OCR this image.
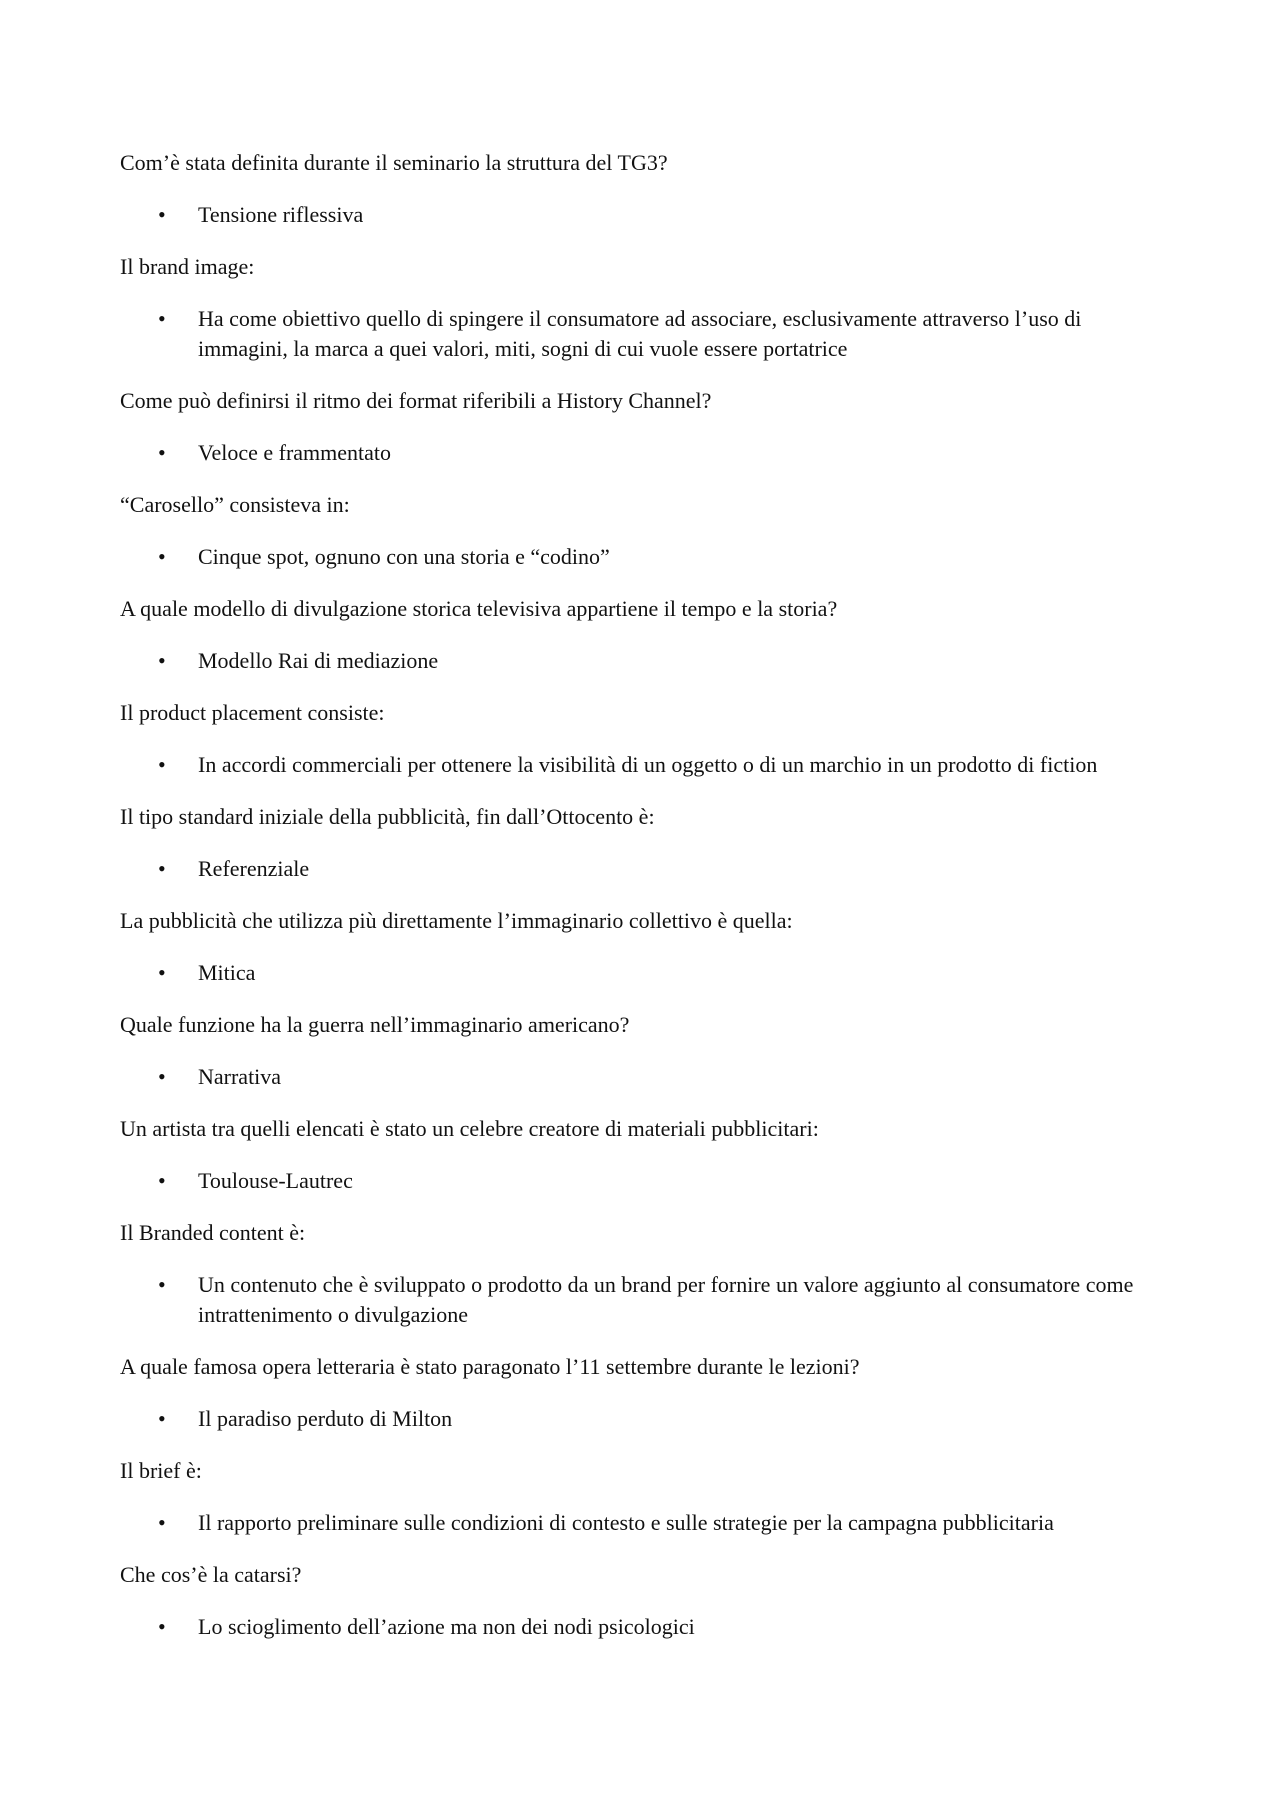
Com’è stata definita durante il seminario la struttura del TG3?

• Tensione riflessiva

Il brand image:

• Ha come obiettivo quello di spingere il consumatore ad associare, esclusivamente attraverso l’uso di immagini, la marca a quei valori, miti, sogni di cui vuole essere portatrice

Come può definirsi il ritmo dei format riferibili a History Channel?

• Veloce e frammentato

“Carosello” consisteva in:

• Cinque spot, ognuno con una storia e “codino”

A quale modello di divulgazione storica televisiva appartiene il tempo e la storia?

• Modello Rai di mediazione

Il product placement consiste:

• In accordi commerciali per ottenere la visibilità di un oggetto o di un marchio in un prodotto di fiction

Il tipo standard iniziale della pubblicità, fin dall’Ottocento è:

• Referenziale

La pubblicità che utilizza più direttamente l’immaginario collettivo è quella:

• Mitica

Quale funzione ha la guerra nell’immaginario americano?

• Narrativa

Un artista tra quelli elencati è stato un celebre creatore di materiali pubblicitari:

• Toulouse-Lautrec

Il Branded content è:

• Un contenuto che è sviluppato o prodotto da un brand per fornire un valore aggiunto al consumatore come intrattenimento o divulgazione

A quale famosa opera letteraria è stato paragonato l’11 settembre durante le lezioni?

• Il paradiso perduto di Milton

Il brief è:

• Il rapporto preliminare sulle condizioni di contesto e sulle strategie per la campagna pubblicitaria

Che cos’è la catarsi?

• Lo scioglimento dell’azione ma non dei nodi psicologici
